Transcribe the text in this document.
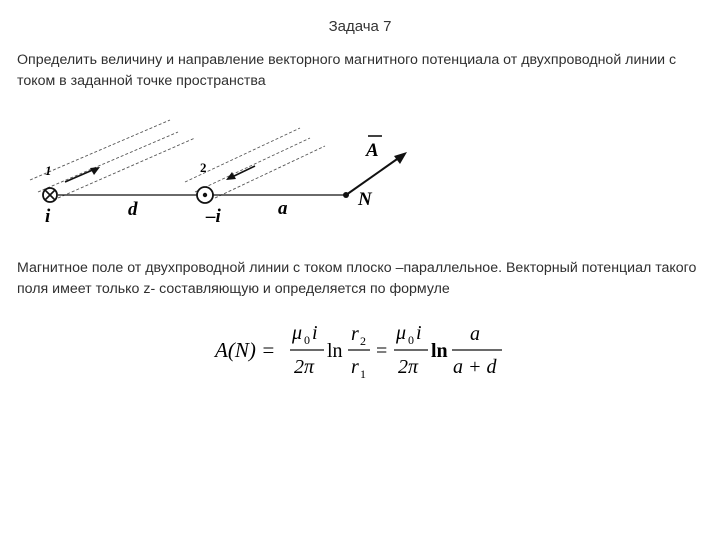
Задача 7
Определить величину и направление векторного магнитного потенциала от двухпроводной линии с током в заданной точке пространства
1	2
i	–i
d	a	N
A
Магнитное поле от двухпроводной линии с током плоско –параллельное. Векторный потенциал такого поля имеет только z- составляющую и определяется по формуле
A(N) =
μ 0 i
2π
ln
r 2
r 1
=
μ 0 i
2π
ln
a
a + d
